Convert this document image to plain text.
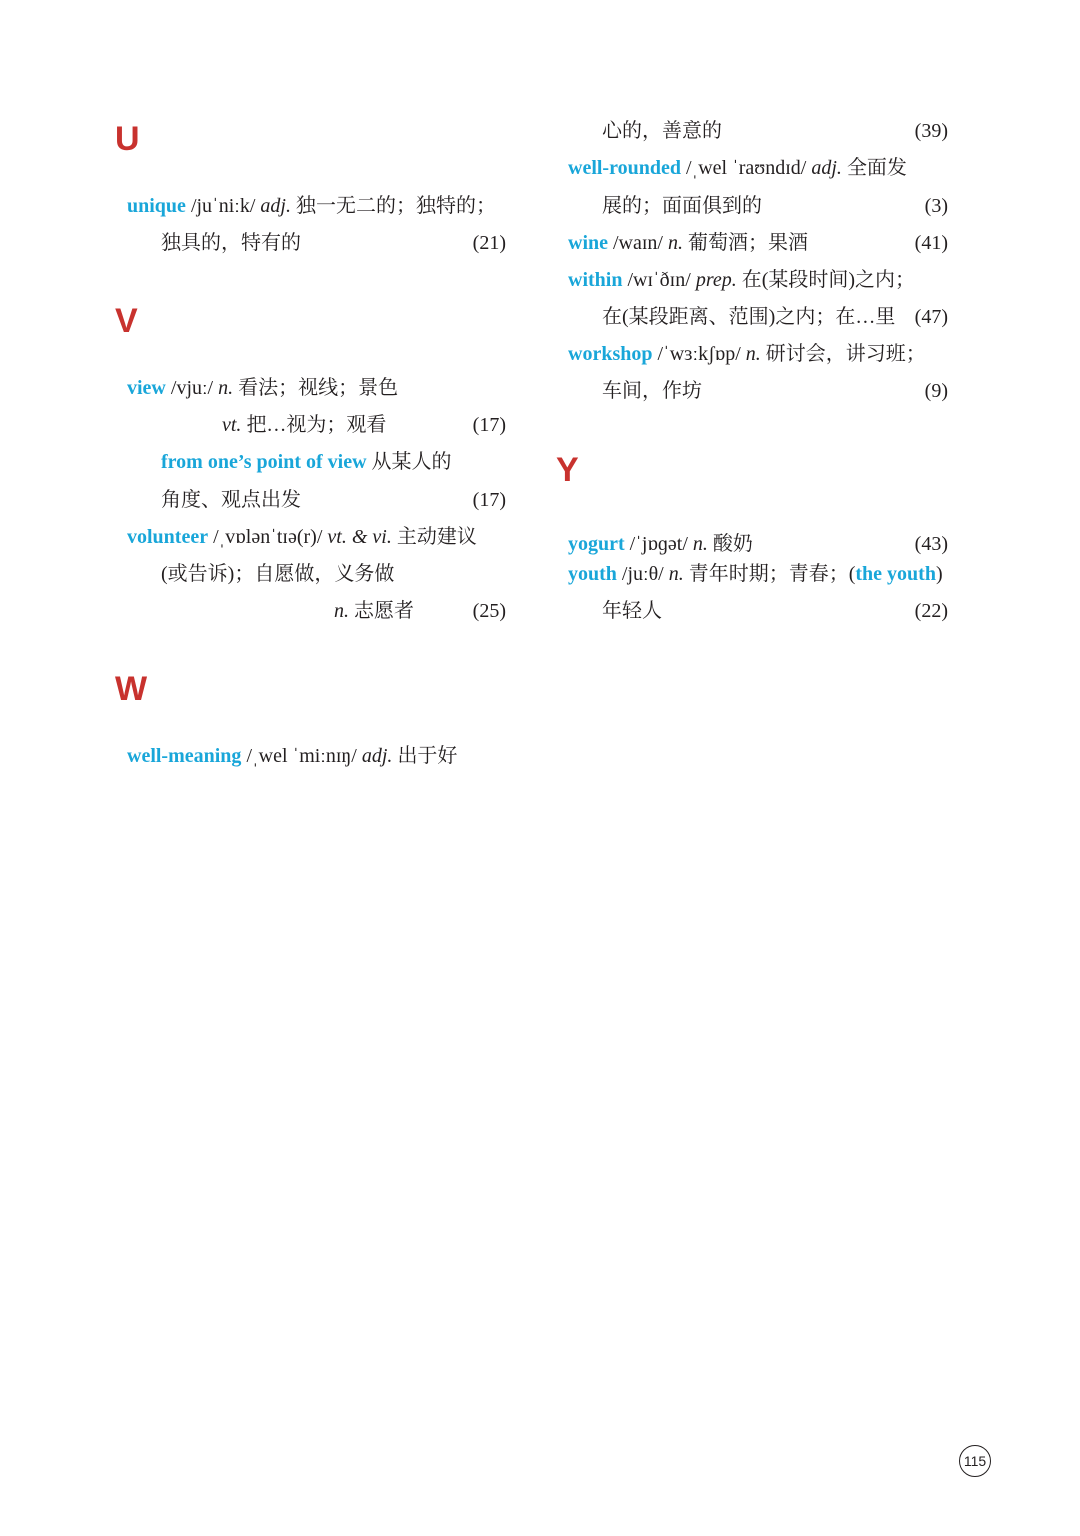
U
unique /juˈniːk/ adj. 独一无二的；独特的；
独具的，特有的	(21)
V
view /vjuː/ n. 看法；视线；景色
vt. 把…视为；观看	(17)
from one’s point of view 从某人的
角度、观点出发	(17)
volunteer /ˌvɒlənˈtɪə(r)/ vt. & vi. 主动建议
(或告诉)；自愿做，义务做
n. 志愿者	(25)
W
well-meaning /ˌwel ˈmiːnɪŋ/ adj. 出于好
心的，善意的	(39)
well-rounded /ˌwel ˈraʊndɪd/ adj. 全面发
展的；面面俱到的	(3)
wine /waɪn/ n. 葡萄酒；果酒	(41)
within /wɪˈðɪn/ prep. 在(某段时间)之内；
在(某段距离、范围)之内；在…里 (47)
workshop /ˈwɜːkʃɒp/ n. 研讨会，讲习班；
车间，作坊	(9)
Y
yogurt /ˈjɒɡət/ n. 酸奶	(43)
youth /juːθ/ n. 青年时期；青春；(the youth)
年轻人	(22)
115
